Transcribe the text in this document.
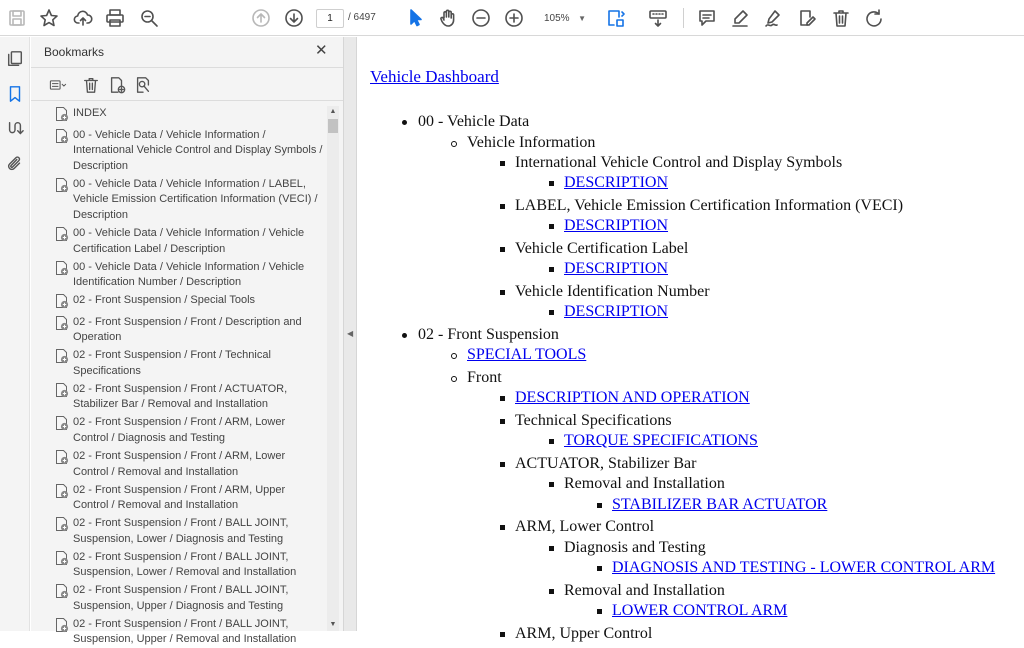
1	/ 6497	105% ▼
Bookmarks	✕
INDEX
00 - Vehicle Data / Vehicle Information / International Vehicle Control and Display Symbols / Description
00 - Vehicle Data / Vehicle Information / LABEL, Vehicle Emission Certification Information (VECI) / Description
00 - Vehicle Data / Vehicle Information / Vehicle Certification Label / Description
00 - Vehicle Data / Vehicle Information / Vehicle Identification Number / Description
02 - Front Suspension / Special Tools
02 - Front Suspension / Front / Description and Operation
02 - Front Suspension / Front / Technical Specifications
02 - Front Suspension / Front / ACTUATOR, Stabilizer Bar / Removal and Installation
02 - Front Suspension / Front / ARM, Lower Control / Diagnosis and Testing
02 - Front Suspension / Front / ARM, Lower Control / Removal and Installation
02 - Front Suspension / Front / ARM, Upper Control / Removal and Installation
02 - Front Suspension / Front / BALL JOINT, Suspension, Lower / Diagnosis and Testing
02 - Front Suspension / Front / BALL JOINT, Suspension, Lower / Removal and Installation
02 - Front Suspension / Front / BALL JOINT, Suspension, Upper / Diagnosis and Testing
02 - Front Suspension / Front / BALL JOINT, Suspension, Upper / Removal and Installation
▲
▼
◀
Vehicle Dashboard
00 - Vehicle Data
Vehicle Information
International Vehicle Control and Display Symbols
DESCRIPTION
LABEL, Vehicle Emission Certification Information (VECI)
DESCRIPTION
Vehicle Certification Label
DESCRIPTION
Vehicle Identification Number
DESCRIPTION
02 - Front Suspension
SPECIAL TOOLS
Front
DESCRIPTION AND OPERATION
Technical Specifications
TORQUE SPECIFICATIONS
ACTUATOR, Stabilizer Bar
Removal and Installation
STABILIZER BAR ACTUATOR
ARM, Lower Control
Diagnosis and Testing
DIAGNOSIS AND TESTING - LOWER CONTROL ARM
Removal and Installation
LOWER CONTROL ARM
ARM, Upper Control
